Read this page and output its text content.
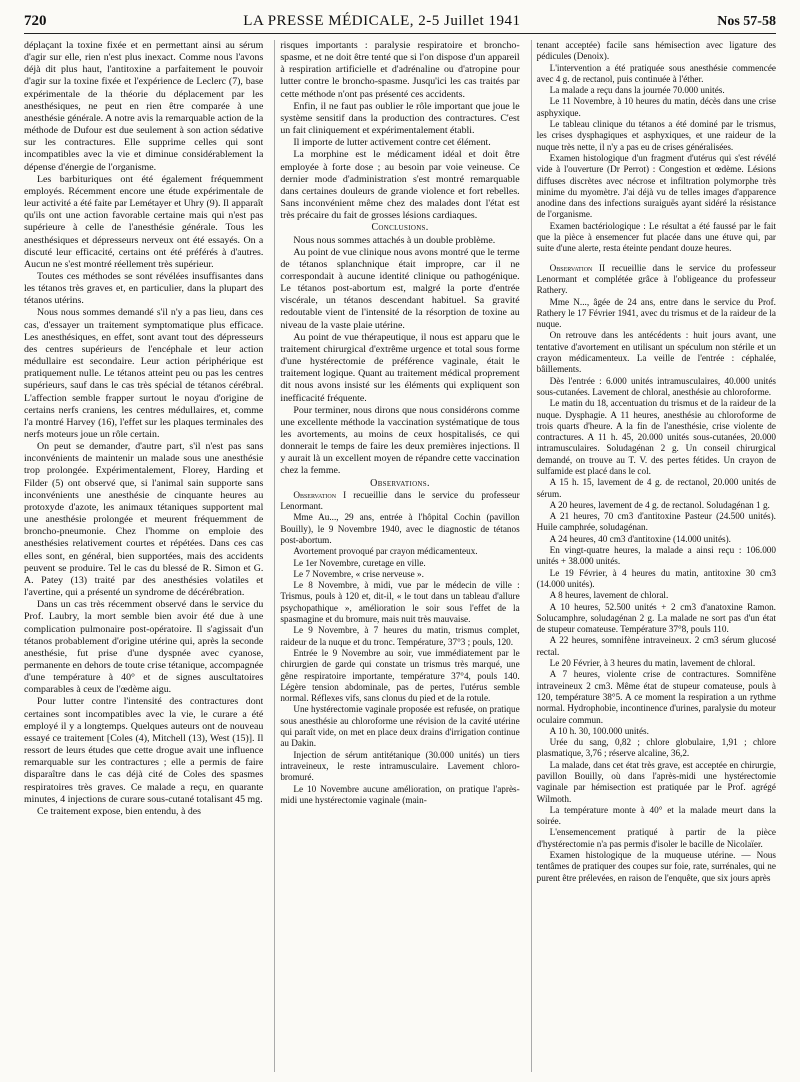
720	LA PRESSE MÉDICALE, 2-5 Juillet 1941	Nos 57-58

déplaçant la toxine fixée et en permettant ainsi au sérum d'agir sur elle, rien n'est plus inexact. Comme nous l'avons déjà dit plus haut, l'antitoxine a parfaitement le pouvoir d'agir sur la toxine fixée et l'expérience de Leclerc (7), base expérimentale de la théorie du déplacement par les anesthésiques, ne peut en rien être comparée à une anesthésie générale. A notre avis la remarquable action de la méthode de Dufour est due seulement à son action sédative sur les contractures. Elle supprime celles qui sont incompatibles avec la vie et diminue considérablement la dépense d'énergie de l'organisme.

Les barbituriques ont été également fréquemment employés. Récemment encore une étude expérimentale de leur activité a été faite par Lemétayer et Uhry (9). Il apparaît qu'ils ont une action favorable certaine mais qui n'est pas supérieure à celle de l'anesthésie générale. Tous les anesthésiques et dépresseurs nerveux ont été essayés. On a discuté leur efficacité, certains ont été préférés à d'autres. Aucun ne s'est montré réellement très supérieur.

Toutes ces méthodes se sont révélées insuffisantes dans les tétanos très graves et, en particulier, dans la plupart des tétanos utérins.

Nous nous sommes demandé s'il n'y a pas lieu, dans ces cas, d'essayer un traitement symptomatique plus efficace. Les anesthésiques, en effet, sont avant tout des dépresseurs des centres supérieurs de l'encéphale et leur action médullaire est secondaire. Leur action périphérique est pratiquement nulle. Le tétanos atteint peu ou pas les centres supérieurs, sauf dans le cas très spécial de tétanos cérébral. L'affection semble frapper surtout le noyau d'origine de certains nerfs craniens, les centres médullaires, et, comme l'a montré Harvey (16), l'effet sur les plaques terminales des nerfs moteurs joue un rôle certain.

On peut se demander, d'autre part, s'il n'est pas sans inconvénients de maintenir un malade sous une anesthésie trop prolongée. Expérimentalement, Florey, Harding et Filder (5) ont observé que, si l'animal sain supporte sans inconvénients une anesthésie de cinquante heures au protoxyde d'azote, les animaux tétaniques supportent mal une anesthésie prolongée et meurent fréquemment de broncho-pneumonie. Chez l'homme on emploie des anesthésies relativement courtes et répétées. Dans ces cas elles sont, en général, bien supportées, mais des accidents peuvent se produire. Tel le cas du blessé de R. Simon et G. A. Patey (13) traité par des anesthésies volatiles et l'avertine, qui a présenté un syndrome de décérébration.

Dans un cas très récemment observé dans le service du Prof. Laubry, la mort semble bien avoir été due à une complication pulmonaire post-opératoire. Il s'agissait d'un tétanos probablement d'origine utérine qui, après la seconde anesthésie, fut prise d'une dyspnée avec cyanose, permanente en dehors de toute crise tétanique, accompagnée d'une température à 40° et de signes auscultatoires comparables à ceux de l'œdème aigu.

Pour lutter contre l'intensité des contractures dont certaines sont incompatibles avec la vie, le curare a été employé il y a longtemps. Quelques auteurs ont de nouveau essayé ce traitement [Coles (4), Mitchell (13), West (15)]. Il ressort de leurs études que cette drogue avait une influence remarquable sur les contractures ; elle a permis de faire disparaître dans le cas déjà cité de Coles des spasmes respiratoires très graves. Ce malade a reçu, en quarante minutes, 4 injections de curare sous-cutané totalisant 45 mg.

Ce traitement expose, bien entendu, à des

risques importants : paralysie respiratoire et broncho-spasme, et ne doit être tenté que si l'on dispose d'un appareil à respiration artificielle et d'adrénaline ou d'atropine pour lutter contre le broncho-spasme. Jusqu'ici les cas traités par cette méthode n'ont pas présenté ces accidents.

Enfin, il ne faut pas oublier le rôle important que joue le système sensitif dans la production des contractures. C'est un fait cliniquement et expérimentalement établi.

Il importe de lutter activement contre cet élément.

La morphine est le médicament idéal et doit être employée à forte dose ; au besoin par voie veineuse. Ce dernier mode d'administration s'est montré remarquable dans certaines douleurs de grande violence et fort rebelles. Sans inconvénient même chez des malades dont l'état est très précaire du fait de grosses lésions cardiaques.

Conclusions.

Nous nous sommes attachés à un double problème.

Au point de vue clinique nous avons montré que le terme de tétanos splanchnique était impropre, car il ne correspondait à aucune identité clinique ou pathogénique. Le tétanos post-abortum est, malgré la porte d'entrée viscérale, un tétanos descendant habituel. Sa gravité redoutable vient de l'intensité de la résorption de toxine au niveau de la vaste plaie utérine.

Au point de vue thérapeutique, il nous est apparu que le traitement chirurgical d'extrême urgence et total sous forme d'une hystérectomie de préférence vaginale, était le traitement logique. Quant au traitement médical proprement dit nous avons insisté sur les éléments qui expliquent son inefficacité fréquente.

Pour terminer, nous dirons que nous considérons comme une excellente méthode la vaccination systématique de tous les avortements, au moins de ceux hospitalisés, ce qui donnerait le temps de faire les deux premières injections. Il y aurait là un excellent moyen de répandre cette vaccination chez la femme.

Observations.

Observation I recueillie dans le service du professeur Lenormant.

Mme Au..., 29 ans, entrée à l'hôpital Cochin (pavillon Bouilly), le 9 Novembre 1940, avec le diagnostic de tétanos post-abortum.

Avortement provoqué par crayon médicamenteux.

Le 1er Novembre, curetage en ville.

Le 7 Novembre, « crise nerveuse ».

Le 8 Novembre, à midi, vue par le médecin de ville : Trismus, pouls à 120 et, dit-il, « le tout dans un tableau d'allure psychopathique », amélioration le soir sous l'effet de la spasmagine et du bromure, mais nuit très mauvaise.

Le 9 Novembre, à 7 heures du matin, trismus complet, raideur de la nuque et du tronc. Température, 37°3 ; pouls, 120.

Entrée le 9 Novembre au soir, vue immédiatement par le chirurgien de garde qui constate un trismus très marqué, une gêne respiratoire importante, température 37°4, pouls 140. Légère tension abdominale, pas de pertes, l'utérus semble normal. Réflexes vifs, sans clonus du pied et de la rotule.

Une hystérectomie vaginale proposée est refusée, on pratique sous anesthésie au chloroforme une révision de la cavité utérine qui paraît vide, on met en place deux drains d'irrigation continue au Dakin.

Injection de sérum antitétanique (30.000 unités) un tiers intraveineux, le reste intramusculaire. Lavement chloro-bromuré.

Le 10 Novembre aucune amélioration, on pratique l'après-midi une hystérectomie vaginale (main-

tenant acceptée) facile sans hémisection avec ligature des pédicules (Denoix).

L'intervention a été pratiquée sous anesthésie commencée avec 4 g. de rectanol, puis continuée à l'éther.

La malade a reçu dans la journée 70.000 unités.

Le 11 Novembre, à 10 heures du matin, décès dans une crise asphyxique.

Le tableau clinique du tétanos a été dominé par le trismus, les crises dysphagiques et asphyxiques, et une raideur de la nuque très nette, il n'y a pas eu de crises généralisées.

Examen histologique d'un fragment d'utérus qui s'est révélé vide à l'ouverture (Dr Perrot) : Congestion et œdème. Lésions diffuses discrètes avec nécrose et infiltration polymorphe très minime du myomètre. J'ai déjà vu de telles images d'apparence anodine dans des infections suraiguës ayant sidéré la résistance de l'organisme.

Examen bactériologique : Le résultat a été faussé par le fait que la pièce à ensemencer fut placée dans une étuve qui, par suite d'une alerte, resta éteinte pendant douze heures.

Observation II recueillie dans le service du professeur Lenormant et complétée grâce à l'obligeance du professeur Rathery.

Mme N..., âgée de 24 ans, entre dans le service du Prof. Rathery le 17 Février 1941, avec du trismus et de la raideur de la nuque.

On retrouve dans les antécédents : huit jours avant, une tentative d'avortement en utilisant un spéculum non stérile et un crayon médicamenteux. La veille de l'entrée : céphalée, bâillements.

Dès l'entrée : 6.000 unités intramusculaires, 40.000 unités sous-cutanées. Lavement de chloral, anesthésie au chloroforme.

Le matin du 18, accentuation du trismus et de la raideur de la nuque. Dysphagie. A 11 heures, anesthésie au chloroforme de trois quarts d'heure. A la fin de l'anesthésie, crise violente de contractures. A 11 h. 45, 20.000 unités sous-cutanées, 20.000 intramusculaires. Soludagénan 2 g. Un conseil chirurgical demandé, on trouve au T. V. des pertes fétides. Un crayon de sulfamide est placé dans le col.

A 15 h. 15, lavement de 4 g. de rectanol, 20.000 unités de sérum.

A 20 heures, lavement de 4 g. de rectanol. Soludagénan 1 g.

A 21 heures, 70 cm3 d'antitoxine Pasteur (24.500 unités). Huile camphrée, soludagénan.

A 24 heures, 40 cm3 d'antitoxine (14.000 unités).

En vingt-quatre heures, la malade a ainsi reçu : 106.000 unités + 38.000 unités.

Le 19 Février, à 4 heures du matin, antitoxine 30 cm3 (14.000 unités).

A 8 heures, lavement de chloral.

A 10 heures, 52.500 unités + 2 cm3 d'anatoxine Ramon. Solucamphre, soludagénan 2 g. La malade ne sort pas d'un état de stupeur comateuse. Température 37°8, pouls 110.

A 22 heures, somnifène intraveineux. 2 cm3 sérum glucosé rectal.

Le 20 Février, à 3 heures du matin, lavement de chloral.

A 7 heures, violente crise de contractures. Somnifène intraveineux 2 cm3. Même état de stupeur comateuse, pouls à 120, température 38°5. A ce moment la respiration a un rythme normal. Hydrophobie, incontinence d'urines, paralysie du moteur oculaire commun.

A 10 h. 30, 100.000 unités.

Urée du sang, 0,82 ; chlore globulaire, 1,91 ; chlore plasmatique, 3,76 ; réserve alcaline, 36,2.

La malade, dans cet état très grave, est acceptée en chirurgie, pavillon Bouilly, où dans l'après-midi une hystérectomie vaginale par hémisection est pratiquée par le Prof. agrégé Wilmoth.

La température monte à 40° et la malade meurt dans la soirée.

L'ensemencement pratiqué à partir de la pièce d'hystérectomie n'a pas permis d'isoler le bacille de Nicolaïer.

Examen histologique de la muqueuse utérine. — Nous tentâmes de pratiquer des coupes sur foie, rate, surrénales, qui ne purent être prélevées, en raison de l'enquête, que six jours après
